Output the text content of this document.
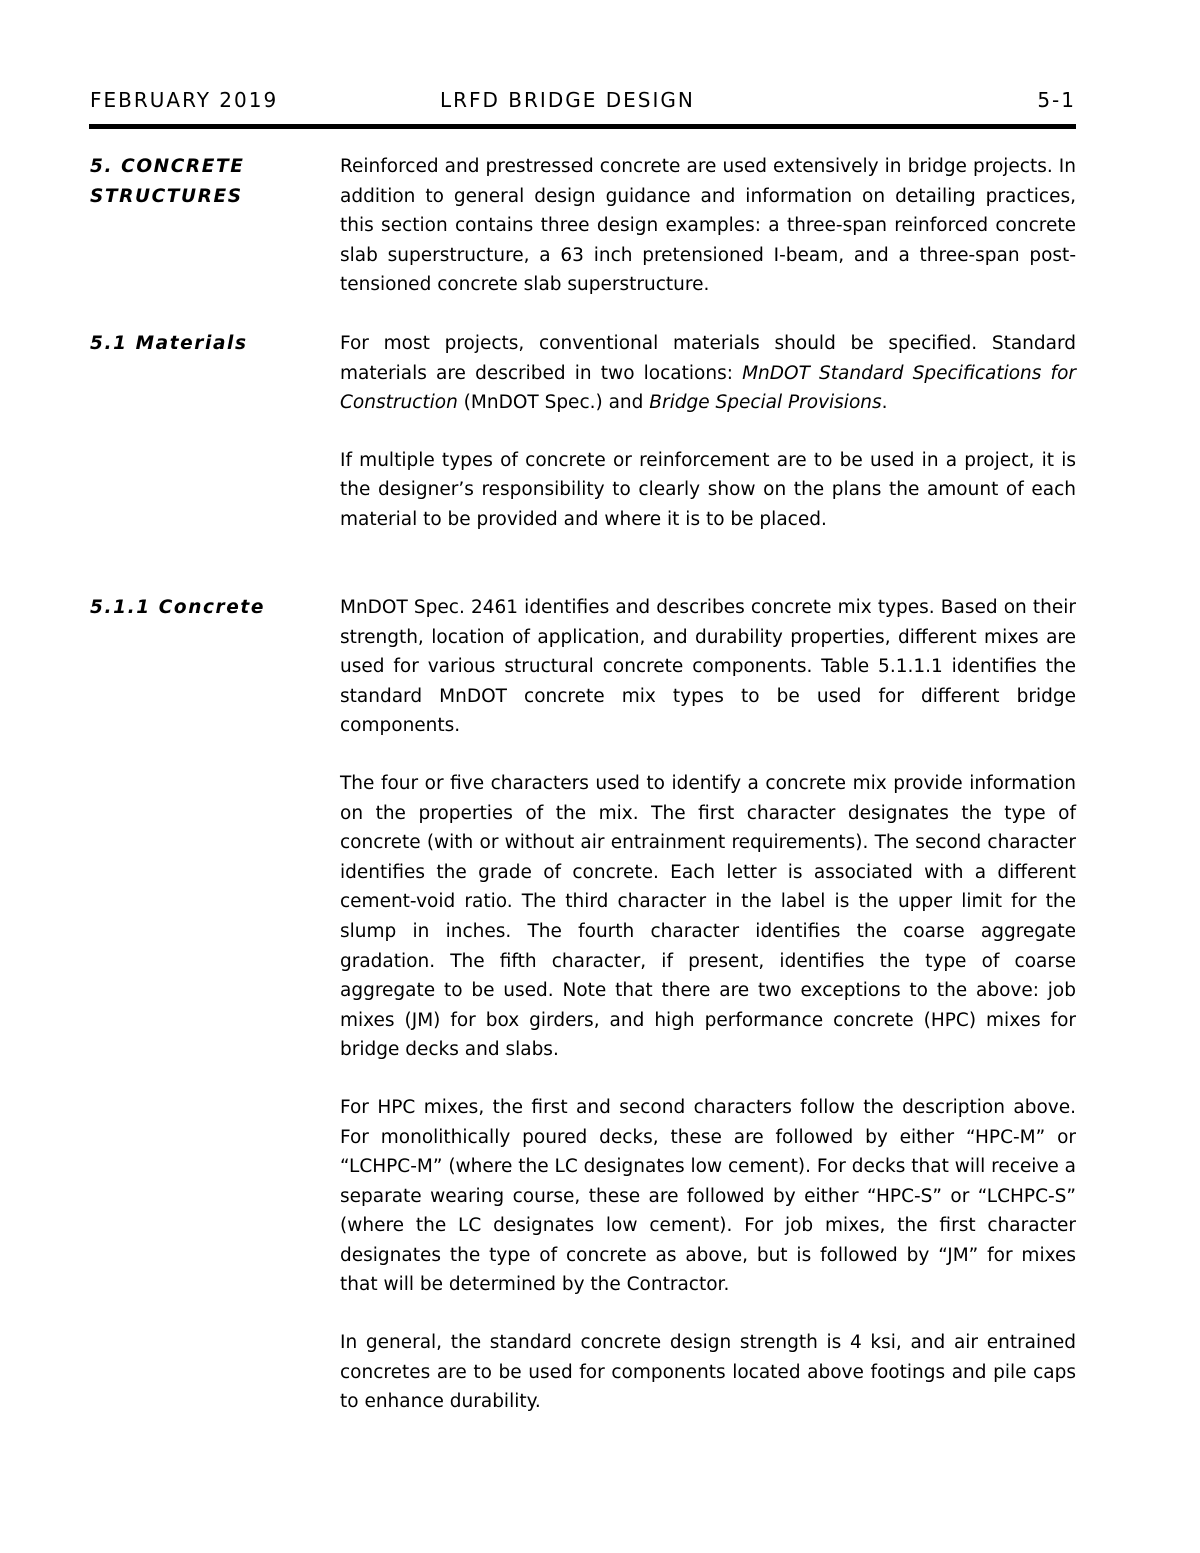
FEBRUARY 2019	LRFD BRIDGE DESIGN	5-1
5. CONCRETE
STRUCTURES

Reinforced and prestressed concrete are used extensively in bridge projects. In addition to general design guidance and information on detailing practices, this section contains three design examples: a three-span reinforced concrete slab superstructure, a 63 inch pretensioned I-beam, and a three-span post-tensioned concrete slab superstructure.

5.1 Materials	For most projects, conventional materials should be specified. Standard materials are described in two locations: MnDOT Standard Specifications for Construction (MnDOT Spec.) and Bridge Special Provisions.

If multiple types of concrete or reinforcement are to be used in a project, it is the designer’s responsibility to clearly show on the plans the amount of each material to be provided and where it is to be placed.

5.1.1 Concrete	MnDOT Spec. 2461 identifies and describes concrete mix types. Based on their strength, location of application, and durability properties, different mixes are used for various structural concrete components. Table 5.1.1.1 identifies the standard MnDOT concrete mix types to be used for different bridge components.

The four or five characters used to identify a concrete mix provide information on the properties of the mix. The first character designates the type of concrete (with or without air entrainment requirements). The second character identifies the grade of concrete. Each letter is associated with a different cement-void ratio. The third character in the label is the upper limit for the slump in inches. The fourth character identifies the coarse aggregate gradation. The fifth character, if present, identifies the type of coarse aggregate to be used. Note that there are two exceptions to the above: job mixes (JM) for box girders, and high performance concrete (HPC) mixes for bridge decks and slabs.

For HPC mixes, the first and second characters follow the description above. For monolithically poured decks, these are followed by either “HPC-M” or “LCHPC-M” (where the LC designates low cement). For decks that will receive a separate wearing course, these are followed by either “HPC-S” or “LCHPC-S” (where the LC designates low cement). For job mixes, the first character designates the type of concrete as above, but is followed by “JM” for mixes that will be determined by the Contractor.

In general, the standard concrete design strength is 4 ksi, and air entrained concretes are to be used for components located above footings and pile caps to enhance durability.
